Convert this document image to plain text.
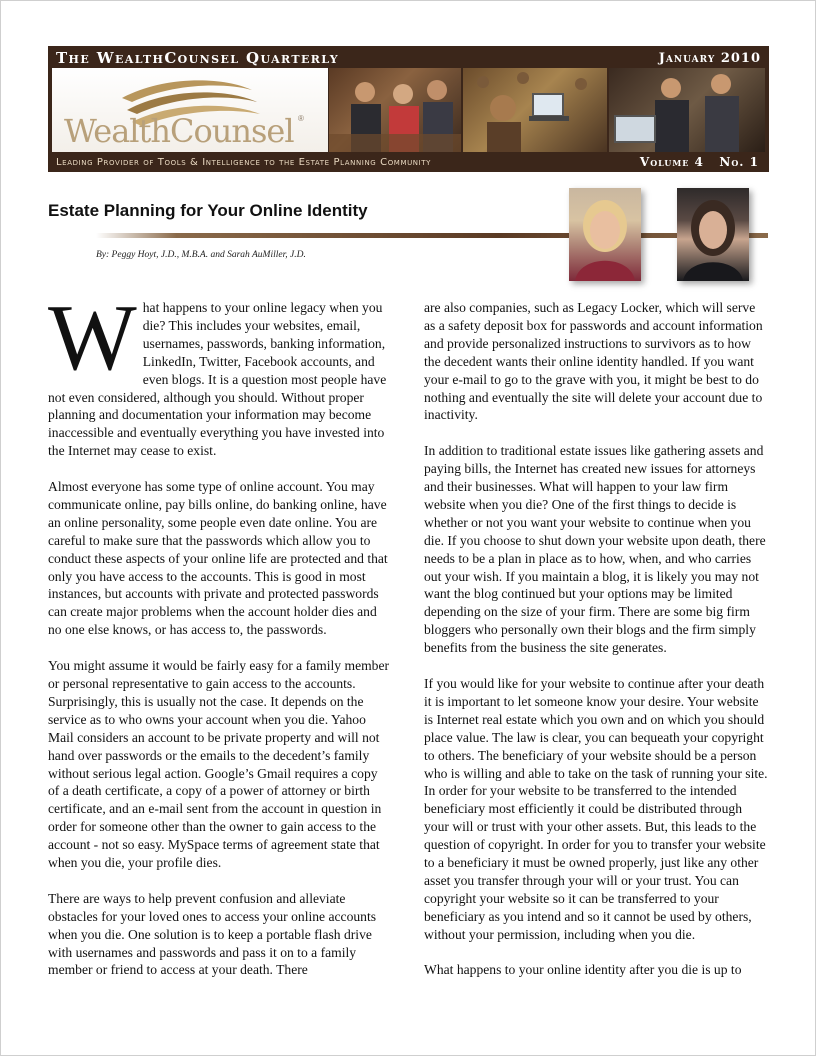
The WealthCounsel Quarterly	January 2010
WealthCounsel ®
Leading Provider of Tools & Intelligence to the Estate Planning Community	Volume 4   No. 1
Estate Planning for Your Online Identity
By: Peggy Hoyt, J.D., M.B.A. and Sarah AuMiller, J.D.

What happens to your online legacy when you die? This includes your websites, email, usernames, passwords, banking information, LinkedIn, Twitter, Facebook accounts, and even blogs. It is a question most people have not even considered, although you should. Without proper planning and documentation your information may become inaccessible and eventually everything you have invested into the Internet may cease to exist.

Almost everyone has some type of online account. You may communicate online, pay bills online, do banking online, have an online personality, some people even date online. You are careful to make sure that the passwords which allow you to conduct these aspects of your online life are protected and that only you have access to the accounts. This is good in most instances, but accounts with private and protected passwords can create major problems when the account holder dies and no one else knows, or has access to, the passwords.

You might assume it would be fairly easy for a family member or personal representative to gain access to the accounts. Surprisingly, this is usually not the case. It depends on the service as to who owns your account when you die. Yahoo Mail considers an account to be private property and will not hand over passwords or the emails to the decedent’s family without serious legal action. Google’s Gmail requires a copy of a death certificate, a copy of a power of attorney or birth certificate, and an e-mail sent from the account in question in order for someone other than the owner to gain access to the account - not so easy. MySpace terms of agreement state that when you die, your profile dies.

There are ways to help prevent confusion and alleviate obstacles for your loved ones to access your online accounts when you die. One solution is to keep a portable flash drive with usernames and passwords and pass it on to a family member or friend to access at your death. There

are also companies, such as Legacy Locker, which will serve as a safety deposit box for passwords and account information and provide personalized instructions to survivors as to how the decedent wants their online identity handled. If you want your e-mail to go to the grave with you, it might be best to do nothing and eventually the site will delete your account due to inactivity.

In addition to traditional estate issues like gathering assets and paying bills, the Internet has created new issues for attorneys and their businesses. What will happen to your law firm website when you die? One of the first things to decide is whether or not you want your website to continue when you die. If you choose to shut down your website upon death, there needs to be a plan in place as to how, when, and who carries out your wish. If you maintain a blog, it is likely you may not want the blog continued but your options may be limited depending on the size of your firm. There are some big firm bloggers who personally own their blogs and the firm simply benefits from the business the site generates.

If you would like for your website to continue after your death it is important to let someone know your desire. Your website is Internet real estate which you own and on which you should place value. The law is clear, you can bequeath your copyright to others. The beneficiary of your website should be a person who is willing and able to take on the task of running your site. In order for your website to be transferred to the intended beneficiary most efficiently it could be distributed through your will or trust with your other assets. But, this leads to the question of copyright. In order for you to transfer your website to a beneficiary it must be owned properly, just like any other asset you transfer through your will or your trust. You can copyright your website so it can be transferred to your beneficiary as you intend and so it cannot be used by others, without your permission, including when you die.

What happens to your online identity after you die is up to
